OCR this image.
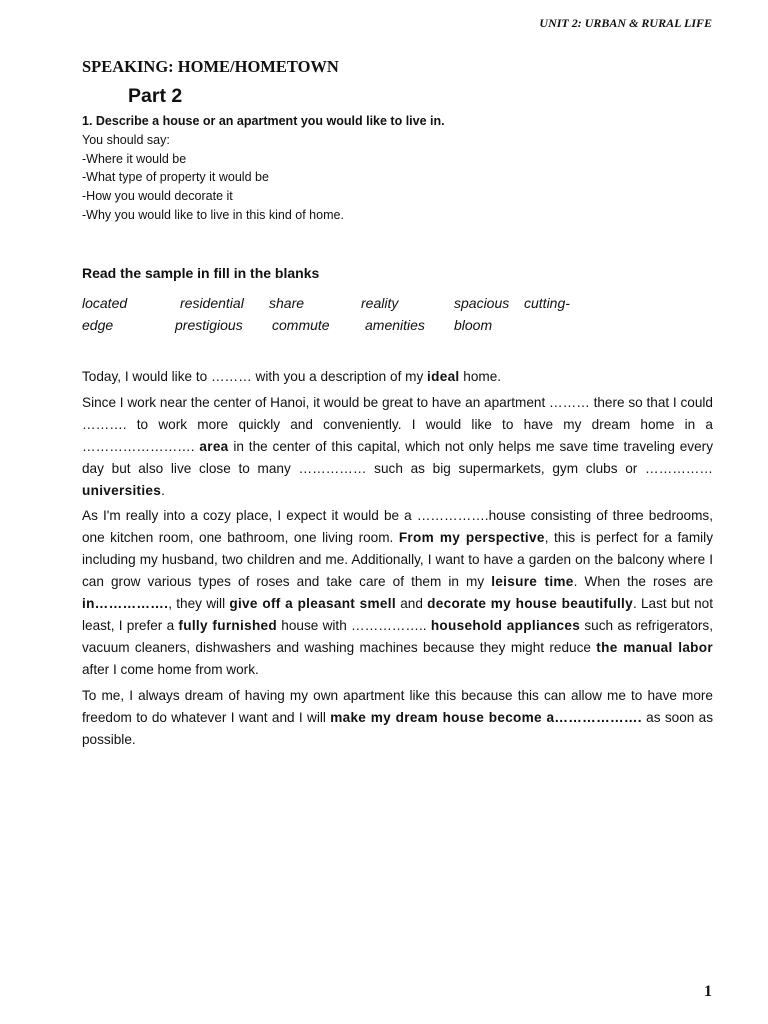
UNIT 2: URBAN & RURAL LIFE
SPEAKING: HOME/HOMETOWN
Part 2
1. Describe a house or an apartment you would like to live in.
You should say:
-Where it would be
-What type of property it would be
-How you would decorate it
-Why you would like to live in this kind of home.
Read the sample in fill in the blanks
located	residential share	reality	spacious cutting-
edge	prestigious commute	amenities bloom

Today, I would like to ……… with you a description of my ideal home.

Since I work near the center of Hanoi, it would be great to have an apartment ……… there so that I could ………. to work more quickly and conveniently. I would like to have my dream home in a ……………………. area in the center of this capital, which not only helps me save time traveling every day but also live close to many …………… such as big supermarkets, gym clubs or …………… universities.

As I'm really into a cozy place, I expect it would be a …………….house consisting of three bedrooms, one kitchen room, one bathroom, one living room. From my perspective, this is perfect for a family including my husband, two children and me. Additionally, I want to have a garden on the balcony where I can grow various types of roses and take care of them in my leisure time. When the roses are in……………., they will give off a pleasant smell and decorate my house beautifully. Last but not least, I prefer a fully furnished house with …………….. household appliances such as refrigerators, vacuum cleaners, dishwashers and washing machines because they might reduce the manual labor after I come home from work.

To me, I always dream of having my own apartment like this because this can allow me to have more freedom to do whatever I want and I will make my dream house become a………………. as soon as possible.

1
